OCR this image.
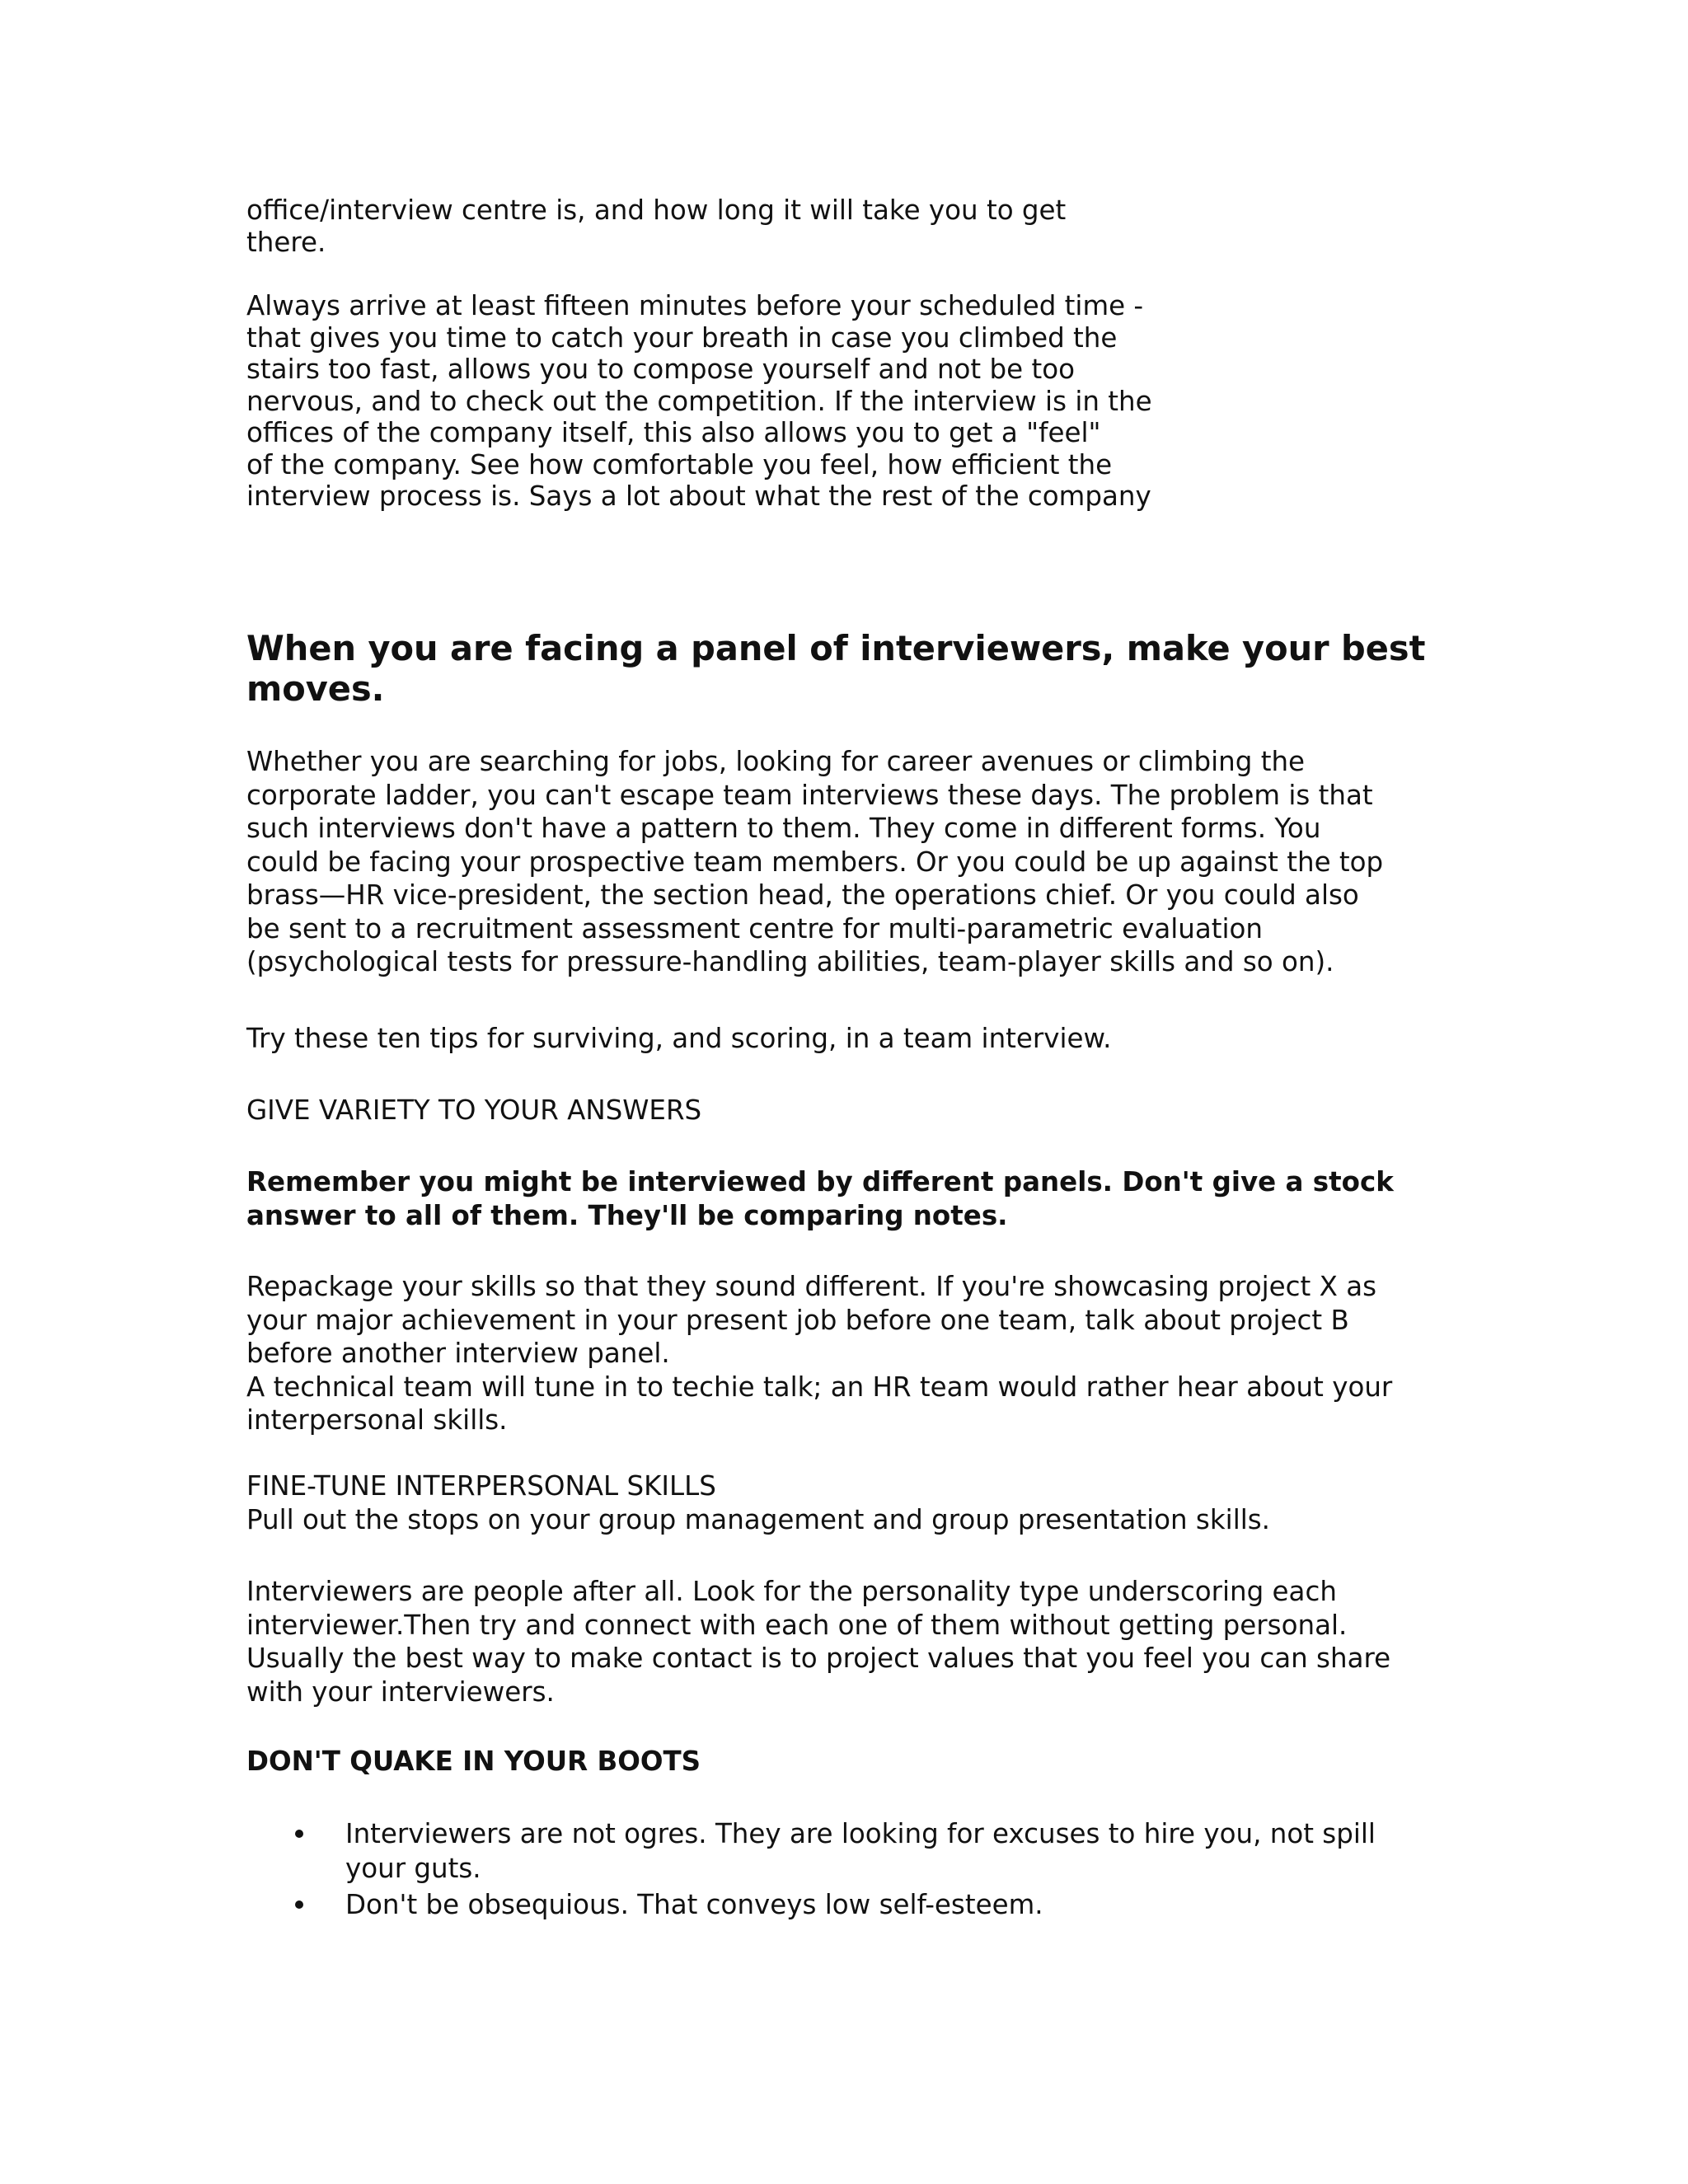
office/interview centre is, and how long it will take you to get
there.

Always arrive at least fifteen minutes before your scheduled time -
that gives you time to catch your breath in case you climbed the
stairs too fast, allows you to compose yourself and not be too
nervous, and to check out the competition. If the interview is in the
offices of the company itself, this also allows you to get a "feel"
of the company. See how comfortable you feel, how efficient the
interview process is. Says a lot about what the rest of the company

When you are facing a panel of interviewers, make your best
moves.

Whether you are searching for jobs, looking for career avenues or climbing the
corporate ladder, you can't escape team interviews these days. The problem is that
such interviews don't have a pattern to them. They come in different forms. You
could be facing your prospective team members. Or you could be up against the top
brass—HR vice-president, the section head, the operations chief. Or you could also
be sent to a recruitment assessment centre for multi-parametric evaluation
(psychological tests for pressure-handling abilities, team-player skills and so on).

Try these ten tips for surviving, and scoring, in a team interview.

GIVE VARIETY TO YOUR ANSWERS

Remember you might be interviewed by different panels. Don't give a stock
answer to all of them. They'll be comparing notes.

Repackage your skills so that they sound different. If you're showcasing project X as
your major achievement in your present job before one team, talk about project B
before another interview panel.
A technical team will tune in to techie talk; an HR team would rather hear about your
interpersonal skills.

FINE-TUNE INTERPERSONAL SKILLS
Pull out the stops on your group management and group presentation skills.

Interviewers are people after all. Look for the personality type underscoring each
interviewer.Then try and connect with each one of them without getting personal.
Usually the best way to make contact is to project values that you feel you can share
with your interviewers.

DON'T QUAKE IN YOUR BOOTS

Interviewers are not ogres. They are looking for excuses to hire you, not spill
your guts.
Don't be obsequious. That conveys low self-esteem.
